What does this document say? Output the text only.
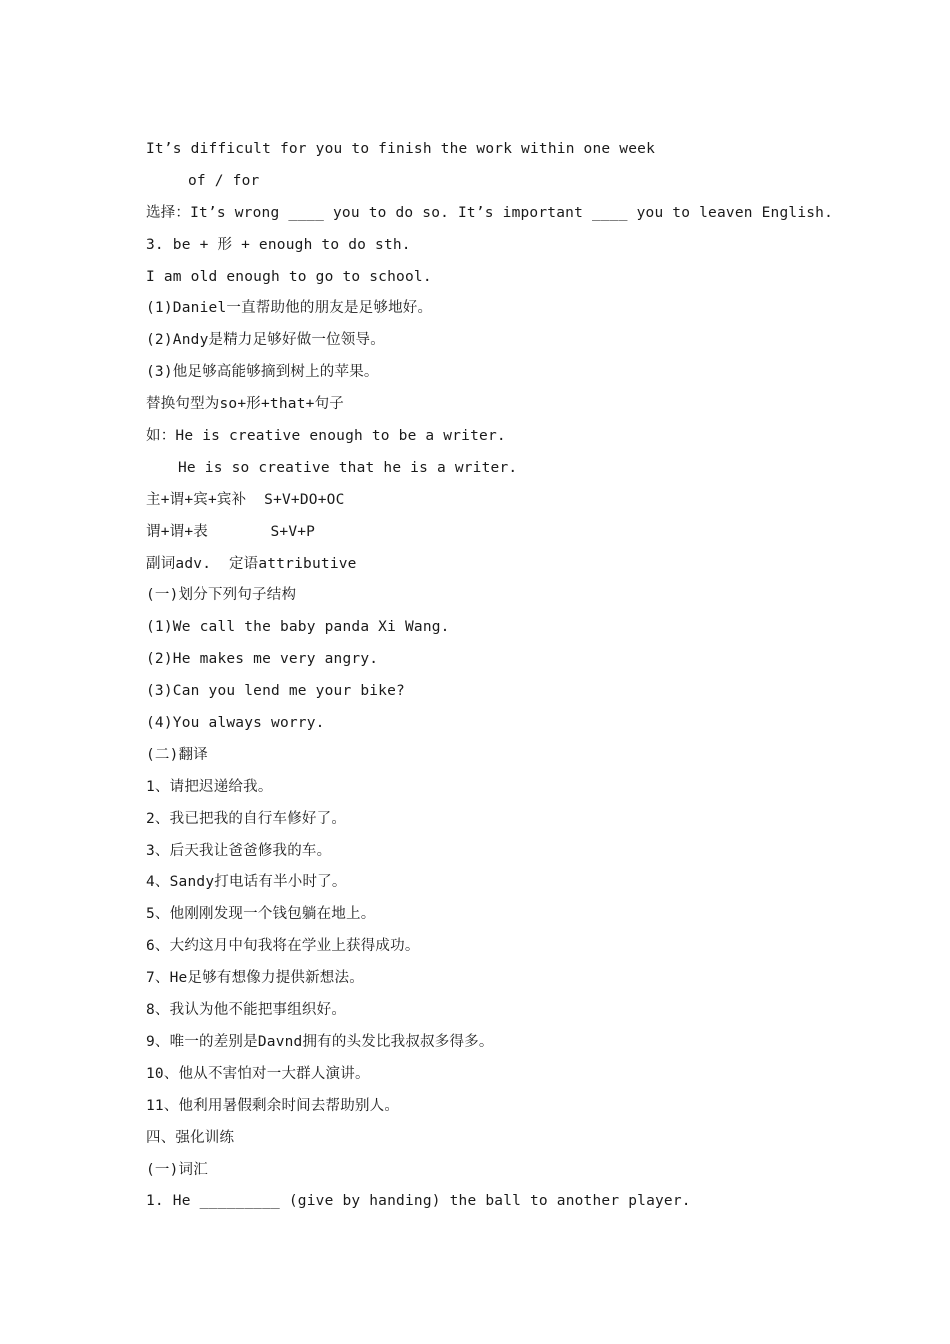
It’s difficult for you to finish the work within one week
of / for
选择：It’s wrong ____ you to do so. It’s important ____ you to leaven English.
3. be + 形 + enough to do sth.
I am old enough to go to school.
(1)Daniel一直帮助他的朋友是足够地好。
(2)Andy是精力足够好做一位领导。
(3)他足够高能够摘到树上的苹果。
替换句型为so+形+that+句子
如：He is creative enough to be a writer.
He is so creative that he is a writer.
主+谓+宾+宾补  S+V+DO+OC
谓+谓+表       S+V+P
副词adv.  定语attributive
(一)划分下列句子结构
(1)We call the baby panda Xi Wang.
(2)He makes me very angry.
(3)Can you lend me your bike?
(4)You always worry.
(二)翻译
1、请把迟递给我。
2、我已把我的自行车修好了。
3、后天我让爸爸修我的车。
4、Sandy打电话有半小时了。
5、他刚刚发现一个钱包躺在地上。
6、大约这月中旬我将在学业上获得成功。
7、He足够有想像力提供新想法。
8、我认为他不能把事组织好。
9、唯一的差别是Davnd拥有的头发比我叔叔多得多。
10、他从不害怕对一大群人演讲。
11、他利用暑假剩余时间去帮助别人。
四、强化训练
(一)词汇
1. He _________ (give by handing) the ball to another player.
